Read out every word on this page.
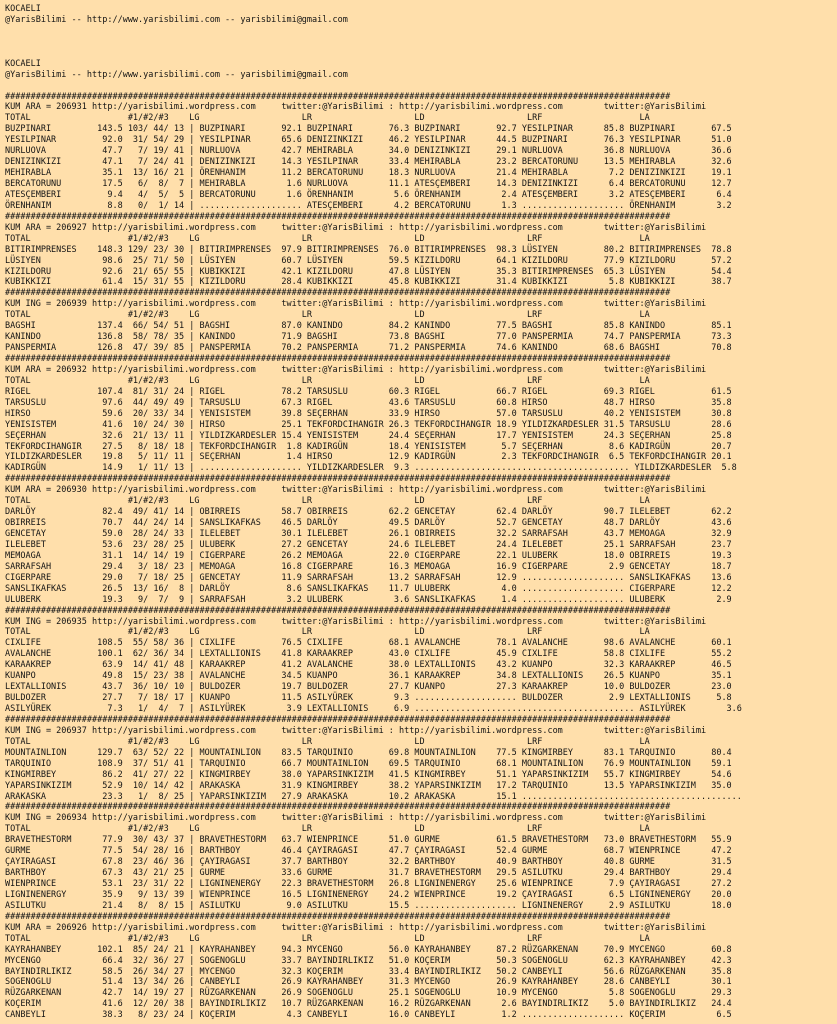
KOCAELI
@YarisBilimi -- http://www.yarisbilimi.com -- yarisbilimi@gmail.com

KOCAELI
@YarisBilimi -- http://www.yarisbilimi.com -- yarisbilimi@gmail.com

##################################################################################################################################
KUM ARA = 206931 http://yarisbilimi.wordpress.com     twitter:@YarisBilimi : http://yarisbilimi.wordpress.com        twitter:@YarisBilimi
TOTAL                   #1/#2/#3    LG                    LR                    LD                    LRF                   LA
BUZPINARI         143.5 103/ 44/ 13 | BUZPINARI       92.1 BUZPINARI       76.3 BUZPINARI       92.7 YESILPINAR      85.8 BUZPINARI       67.5
YESILPINAR         92.0  31/ 54/ 29 | YESILPINAR      65.6 DENIZINKIZI     46.2 YESILPINAR      44.5 BUZPINARI       76.3 YESILPINAR      51.0
NURLUOVA           47.7   7/ 19/ 41 | NURLUOVA        42.7 MEHIRABLA       34.0 DENIZINKIZI     29.1 NURLUOVA        36.8 NURLUOVA        36.6
DENIZINKIZI        47.1   7/ 24/ 41 | DENIZINKIZI     14.3 YESILPINAR      33.4 MEHIRABLA       23.2 BERCATORUNU     13.5 MEHIRABLA       32.6
MEHIRABLA          35.1  13/ 16/ 21 | ÖRENHANIM       11.2 BERCATORUNU     18.3 NURLUOVA        21.4 MEHIRABLA        7.2 DENIZINKIZI     19.1
BERCATORUNU        17.5   6/  8/  7 | MEHIRABLA        1.6 NURLUOVA        11.1 ATESÇEMBERI     14.3 DENIZINKIZI      6.4 BERCATORUNU     12.7
ATESÇEMBERI         9.4   4/  5/  5 | BERCATORUNU      1.6 ÖRENHANIM        5.6 ÖRENHANIM        2.4 ATESÇEMBERI      3.2 ATESÇEMBERI      6.4
ÖRENHANIM           8.8   0/  1/ 14 | .................... ATESÇEMBERI      4.2 BERCATORUNU      1.3 .................... ÖRENHANIM        3.2
##################################################################################################################################
KUM ARA = 206927 http://yarisbilimi.wordpress.com     twitter:@YarisBilimi : http://yarisbilimi.wordpress.com        twitter:@YarisBilimi
TOTAL                   #1/#2/#3    LG                    LR                    LD                    LRF                   LA
BITIRIMPRENSES    148.3 129/ 23/ 30 | BITIRIMPRENSES  97.9 BITIRIMPRENSES  76.0 BITIRIMPRENSES  98.3 LÜSIYEN         80.2 BITIRIMPRENSES  78.8
LÜSIYEN            98.6  25/ 71/ 50 | LÜSIYEN         60.7 LÜSIYEN         59.5 KIZILDORU       64.1 KIZILDORU       77.9 KIZILDORU       57.2
KIZILDORU          92.6  21/ 65/ 55 | KUBIKKIZI       42.1 KIZILDORU       47.8 LÜSIYEN         35.3 BITIRIMPRENSES  65.3 LÜSIYEN         54.4
KUBIKKIZI          61.4  15/ 31/ 55 | KIZILDORU       28.4 KUBIKKIZI       45.8 KUBIKKIZI       31.4 KUBIKKIZI        5.8 KUBIKKIZI       38.7
##################################################################################################################################
KUM ING = 206939 http://yarisbilimi.wordpress.com     twitter:@YarisBilimi : http://yarisbilimi.wordpress.com        twitter:@YarisBilimi
TOTAL                   #1/#2/#3    LG                    LR                    LD                    LRF                   LA
BAGSHI            137.4  66/ 54/ 51 | BAGSHI          87.0 KANINDO         84.2 KANINDO         77.5 BAGSHI          85.8 KANINDO         85.1
KANINDO           136.8  58/ 78/ 35 | KANINDO         71.9 BAGSHI          73.8 BAGSHI          77.0 PANSPERMIA      74.7 PANSPERMIA      73.3
PANSPERMIA        126.8  47/ 39/ 85 | PANSPERMIA      70.2 PANSPERMIA      71.2 PANSPERMIA      74.6 KANINDO         68.6 BAGSHI          70.8
##################################################################################################################################
KUM ARA = 206932 http://yarisbilimi.wordpress.com     twitter:@YarisBilimi : http://yarisbilimi.wordpress.com        twitter:@YarisBilimi
TOTAL                   #1/#2/#3    LG                    LR                    LD                    LRF                   LA
RIGEL             107.4  81/ 31/ 24 | RIGEL           78.2 TARSUSLU        60.3 RIGEL           66.7 RIGEL           69.3 RIGEL           61.5
TARSUSLU           97.6  44/ 49/ 49 | TARSUSLU        67.3 RIGEL           43.6 TARSUSLU        60.8 HIRSO           48.7 HIRSO           35.8
HIRSO              59.6  20/ 33/ 34 | YENISISTEM      39.8 SEÇERHAN        33.9 HIRSO           57.0 TARSUSLU        40.2 YENISISTEM      30.8
YENISISTEM         41.6  10/ 24/ 30 | HIRSO           25.1 TEKFORDCIHANGIR 26.3 TEKFORDCIHANGIR 18.9 YILDIZKARDESLER 31.5 TARSUSLU        28.6
SEÇERHAN           32.6  21/ 13/ 11 | YILDIZKARDESLER 15.4 YENISISTEM      24.4 SEÇERHAN        17.7 YENISISTEM      24.3 SEÇERHAN        25.8
TEKFORDCIHANGIR    27.5   8/ 18/ 18 | TEKFORDCIHANGIR  1.8 KADIRGÜN        18.4 YENISISTEM       5.7 SEÇERHAN         8.6 KADIRGÜN        20.7
YILDIZKARDESLER    19.8   5/ 11/ 11 | SEÇERHAN         1.4 HIRSO           12.9 KADIRGÜN         2.3 TEKFORDCIHANGIR  6.5 TEKFORDCIHANGIR 20.1
KADIRGÜN           14.9   1/ 11/ 13 | .................... YILDIZKARDESLER  9.3 .......................................... YILDIZKARDESLER  5.8
##################################################################################################################################
KUM ARA = 206930 http://yarisbilimi.wordpress.com     twitter:@YarisBilimi : http://yarisbilimi.wordpress.com        twitter:@YarisBilimi
TOTAL                   #1/#2/#3    LG                    LR                    LD                    LRF                   LA
DARLÖY             82.4  49/ 41/ 14 | OBIRREIS        58.7 OBIRREIS        62.2 GENCETAY        62.4 DARLÖY          90.7 ILELEBET        62.2
OBIRREIS           70.7  44/ 24/ 14 | SANSLIKAFKAS    46.5 DARLÖY          49.5 DARLÖY          52.7 GENCETAY        48.7 DARLÖY          43.6
GENCETAY           59.0  28/ 24/ 33 | ILELEBET        30.1 ILELEBET        26.1 OBIRREIS        32.2 SARRAFSAH       43.7 MEMOAGA         32.9
ILELEBET           53.6  23/ 28/ 25 | ULUBERK         27.2 GENCETAY        24.6 ILELEBET        24.4 ILELEBET        25.1 SARRAFSAH       23.7
MEMOAGA            31.1  14/ 14/ 19 | CIGERPARE       26.2 MEMOAGA         22.0 CIGERPARE       22.1 ULUBERK         18.0 OBIRREIS        19.3
SARRAFSAH          29.4   3/ 18/ 23 | MEMOAGA         16.8 CIGERPARE       16.3 MEMOAGA         16.9 CIGERPARE        2.9 GENCETAY        18.7
CIGERPARE          29.0   7/ 18/ 25 | GENCETAY        11.9 SARRAFSAH       13.2 SARRAFSAH       12.9 .................... SANSLIKAFKAS    13.6
SANSLIKAFKAS       26.5  13/ 16/  8 | DARLÖY           8.6 SANSLIKAFKAS    11.7 ULUBERK          4.0 .................... CIGERPARE       12.2
ULUBERK            19.3   9/  7/  9 | SARRAFSAH        3.2 ULUBERK          3.6 SANSLIKAFKAS     1.4 .................... ULUBERK          2.9
##################################################################################################################################
KUM ING = 206935 http://yarisbilimi.wordpress.com     twitter:@YarisBilimi : http://yarisbilimi.wordpress.com        twitter:@YarisBilimi
TOTAL                   #1/#2/#3    LG                    LR                    LD                    LRF                   LA
CIXLIFE           108.5  55/ 58/ 36 | CIXLIFE         76.5 CIXLIFE         68.1 AVALANCHE       78.1 AVALANCHE       98.6 AVALANCHE       60.1
AVALANCHE         100.1  62/ 36/ 34 | LEXTALLIONIS    41.8 KARAAKREP       43.0 CIXLIFE         45.9 CIXLIFE         58.8 CIXLIFE         55.2
KARAAKREP          63.9  14/ 41/ 48 | KARAAKREP       41.2 AVALANCHE       38.0 LEXTALLIONIS    43.2 KUANPO          32.3 KARAAKREP       46.5
KUANPO             49.8  15/ 23/ 38 | AVALANCHE       34.5 KUANPO          36.1 KARAAKREP       34.8 LEXTALLIONIS    26.5 KUANPO          35.1
LEXTALLIONIS       43.7  36/ 10/ 10 | BULDOZER        19.7 BULDOZER        27.7 KUANPO          27.3 KARAAKREP       10.0 BULDOZER        23.0
BULDOZER           27.7   7/ 18/ 17 | KUANPO          11.5 ASILYÜREK        9.3 .................... BULDOZER         2.9 LEXTALLIONIS     5.8
ASILYÜREK           7.3   1/  4/  7 | ASILYÜREK        3.9 LEXTALLIONIS     6.9 ........................................... ASILYÜREK        3.6
##################################################################################################################################
KUM ING = 206937 http://yarisbilimi.wordpress.com     twitter:@YarisBilimi : http://yarisbilimi.wordpress.com        twitter:@YarisBilimi
TOTAL                   #1/#2/#3    LG                    LR                    LD                    LRF                   LA
MOUNTAINLION      129.7  63/ 52/ 22 | MOUNTAINLION    83.5 TARQUINIO       69.8 MOUNTAINLION    77.5 KINGMIRBEY      83.1 TARQUINIO       80.4
TARQUINIO         108.9  37/ 51/ 41 | TARQUINIO       66.7 MOUNTAINLION    69.5 TARQUINIO       68.1 MOUNTAINLION    76.9 MOUNTAINLION    59.1
KINGMIRBEY         86.2  41/ 27/ 22 | KINGMIRBEY      38.0 YAPARSINKIZIM   41.5 KINGMIRBEY      51.1 YAPARSINKIZIM   55.7 KINGMIRBEY      54.6
YAPARSINKIZIM      52.9  10/ 14/ 42 | ARAKASKA        31.9 KINGMIRBEY      38.2 YAPARSINKIZIM   17.2 TARQUINIO       13.5 YAPARSINKIZIM   35.0
ARAKASKA           23.3   1/  8/ 25 | YAPARSINKIZIM   27.9 ARAKASKA        10.2 ARAKASKA        15.1 ...........................................
##################################################################################################################################
KUM ING = 206934 http://yarisbilimi.wordpress.com     twitter:@YarisBilimi : http://yarisbilimi.wordpress.com        twitter:@YarisBilimi
TOTAL                   #1/#2/#3    LG                    LR                    LD                    LRF                   LA
BRAVETHESTORM      77.9  30/ 43/ 37 | BRAVETHESTORM   63.7 WIENPRINCE      51.0 GURME           61.5 BRAVETHESTORM   73.0 BRAVETHESTORM   55.9
GURME              77.5  54/ 28/ 16 | BARTHBOY        46.4 ÇAYIRAGASI      47.7 ÇAYIRAGASI      52.4 GURME           68.7 WIENPRINCE      47.2
ÇAYIRAGASI         67.8  23/ 46/ 36 | ÇAYIRAGASI      37.7 BARTHBOY        32.2 BARTHBOY        40.9 BARTHBOY        40.8 GURME           31.5
BARTHBOY           67.3  43/ 21/ 25 | GURME           33.6 GURME           31.7 BRAVETHESTORM   29.5 ASILUTKU        29.4 BARTHBOY        29.4
WIENPRINCE         53.1  23/ 31/ 22 | LIGNINENERGY    22.3 BRAVETHESTORM   26.8 LIGNINENERGY    25.6 WIENPRINCE       7.9 ÇAYIRAGASI      27.2
LIGNINENERGY       35.9   9/ 13/ 39 | WIENPRINCE      16.5 LIGNINENERGY    24.2 WIENPRINCE      19.2 ÇAYIRAGASI       6.5 LIGNINENERGY    20.0
ASILUTKU           21.4   8/  8/ 15 | ASILUTKU         9.0 ASILUTKU        15.5 .................... LIGNINENERGY     2.9 ASILUTKU        18.0
##################################################################################################################################
KUM ARA = 206926 http://yarisbilimi.wordpress.com     twitter:@YarisBilimi : http://yarisbilimi.wordpress.com        twitter:@YarisBilimi
TOTAL                   #1/#2/#3    LG                    LR                    LD                    LRF                   LA
KAYRAHANBEY       102.1  85/ 24/ 21 | KAYRAHANBEY     94.3 MYCENGO         56.0 KAYRAHANBEY     87.2 RÜZGARKENAN     70.9 MYCENGO         60.8
MYCENGO            66.4  32/ 36/ 27 | SOGENOGLU       33.7 BAYINDIRLIKIZ   51.0 KOÇERIM         50.3 SOGENOGLU       62.3 KAYRAHANBEY     42.3
BAYINDIRLIKIZ      58.5  26/ 34/ 27 | MYCENGO         32.3 KOÇERIM         33.4 BAYINDIRLIKIZ   50.2 CANBEYLI        56.6 RÜZGARKENAN     35.8
SOGENOGLU          51.4  13/ 34/ 26 | CANBEYLI        26.9 KAYRAHANBEY     31.3 MYCENGO         26.9 KAYRAHANBEY     28.6 CANBEYLI        30.1
RÜZGARKENAN        42.7  14/ 19/ 27 | RÜZGARKENAN     26.9 SOGENOGLU       25.1 SOGENOGLU       10.9 MYCENGO          5.8 SOGENOGLU       29.3
KOÇERIM            41.6  12/ 20/ 38 | BAYINDIRLIKIZ   10.7 RÜZGARKENAN     16.2 RÜZGARKENAN      2.6 BAYINDIRLIKIZ    5.0 BAYINDIRLIKIZ   24.4
CANBEYLI           38.3   8/ 23/ 24 | KOÇERIM          4.3 CANBEYLI        16.0 CANBEYLI         1.2 .................... KOÇERIM          6.5
